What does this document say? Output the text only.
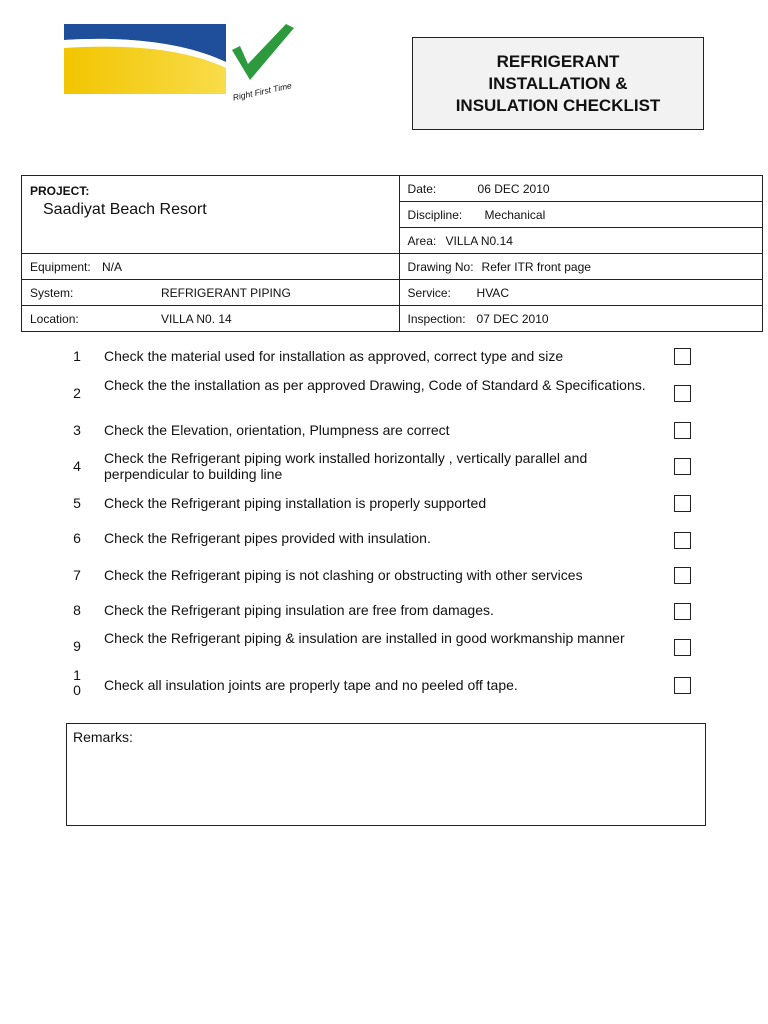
Right First Time
REFRIGERANT
INSTALLATION &
INSULATION CHECKLIST
PROJECT:
Saadiyat Beach Resort	Date: 06 DEC 2010
	Discipline: Mechanical
	Area: VILLA N0.14
Equipment: N/A	Drawing No: Refer ITR front page
System: REFRIGERANT PIPING	Service: HVAC
Location: VILLA N0. 14	Inspection: 07 DEC 2010
1	Check the material used for installation as approved, correct type and size
2	Check the the installation as per approved Drawing, Code of Standard & Specifications.
3	Check the Elevation, orientation, Plumpness are correct
4	Check the Refrigerant piping work installed horizontally , vertically parallel and perpendicular to building line
5	Check the Refrigerant piping installation is properly supported
6	Check the Refrigerant pipes provided with insulation.
7	Check the Refrigerant piping is not clashing or obstructing with other services
8	Check the Refrigerant piping insulation are free from damages.
9	Check the Refrigerant piping & insulation are installed in good workmanship manner
1 0	Check all insulation joints are properly tape and no peeled off tape.
Remarks:
